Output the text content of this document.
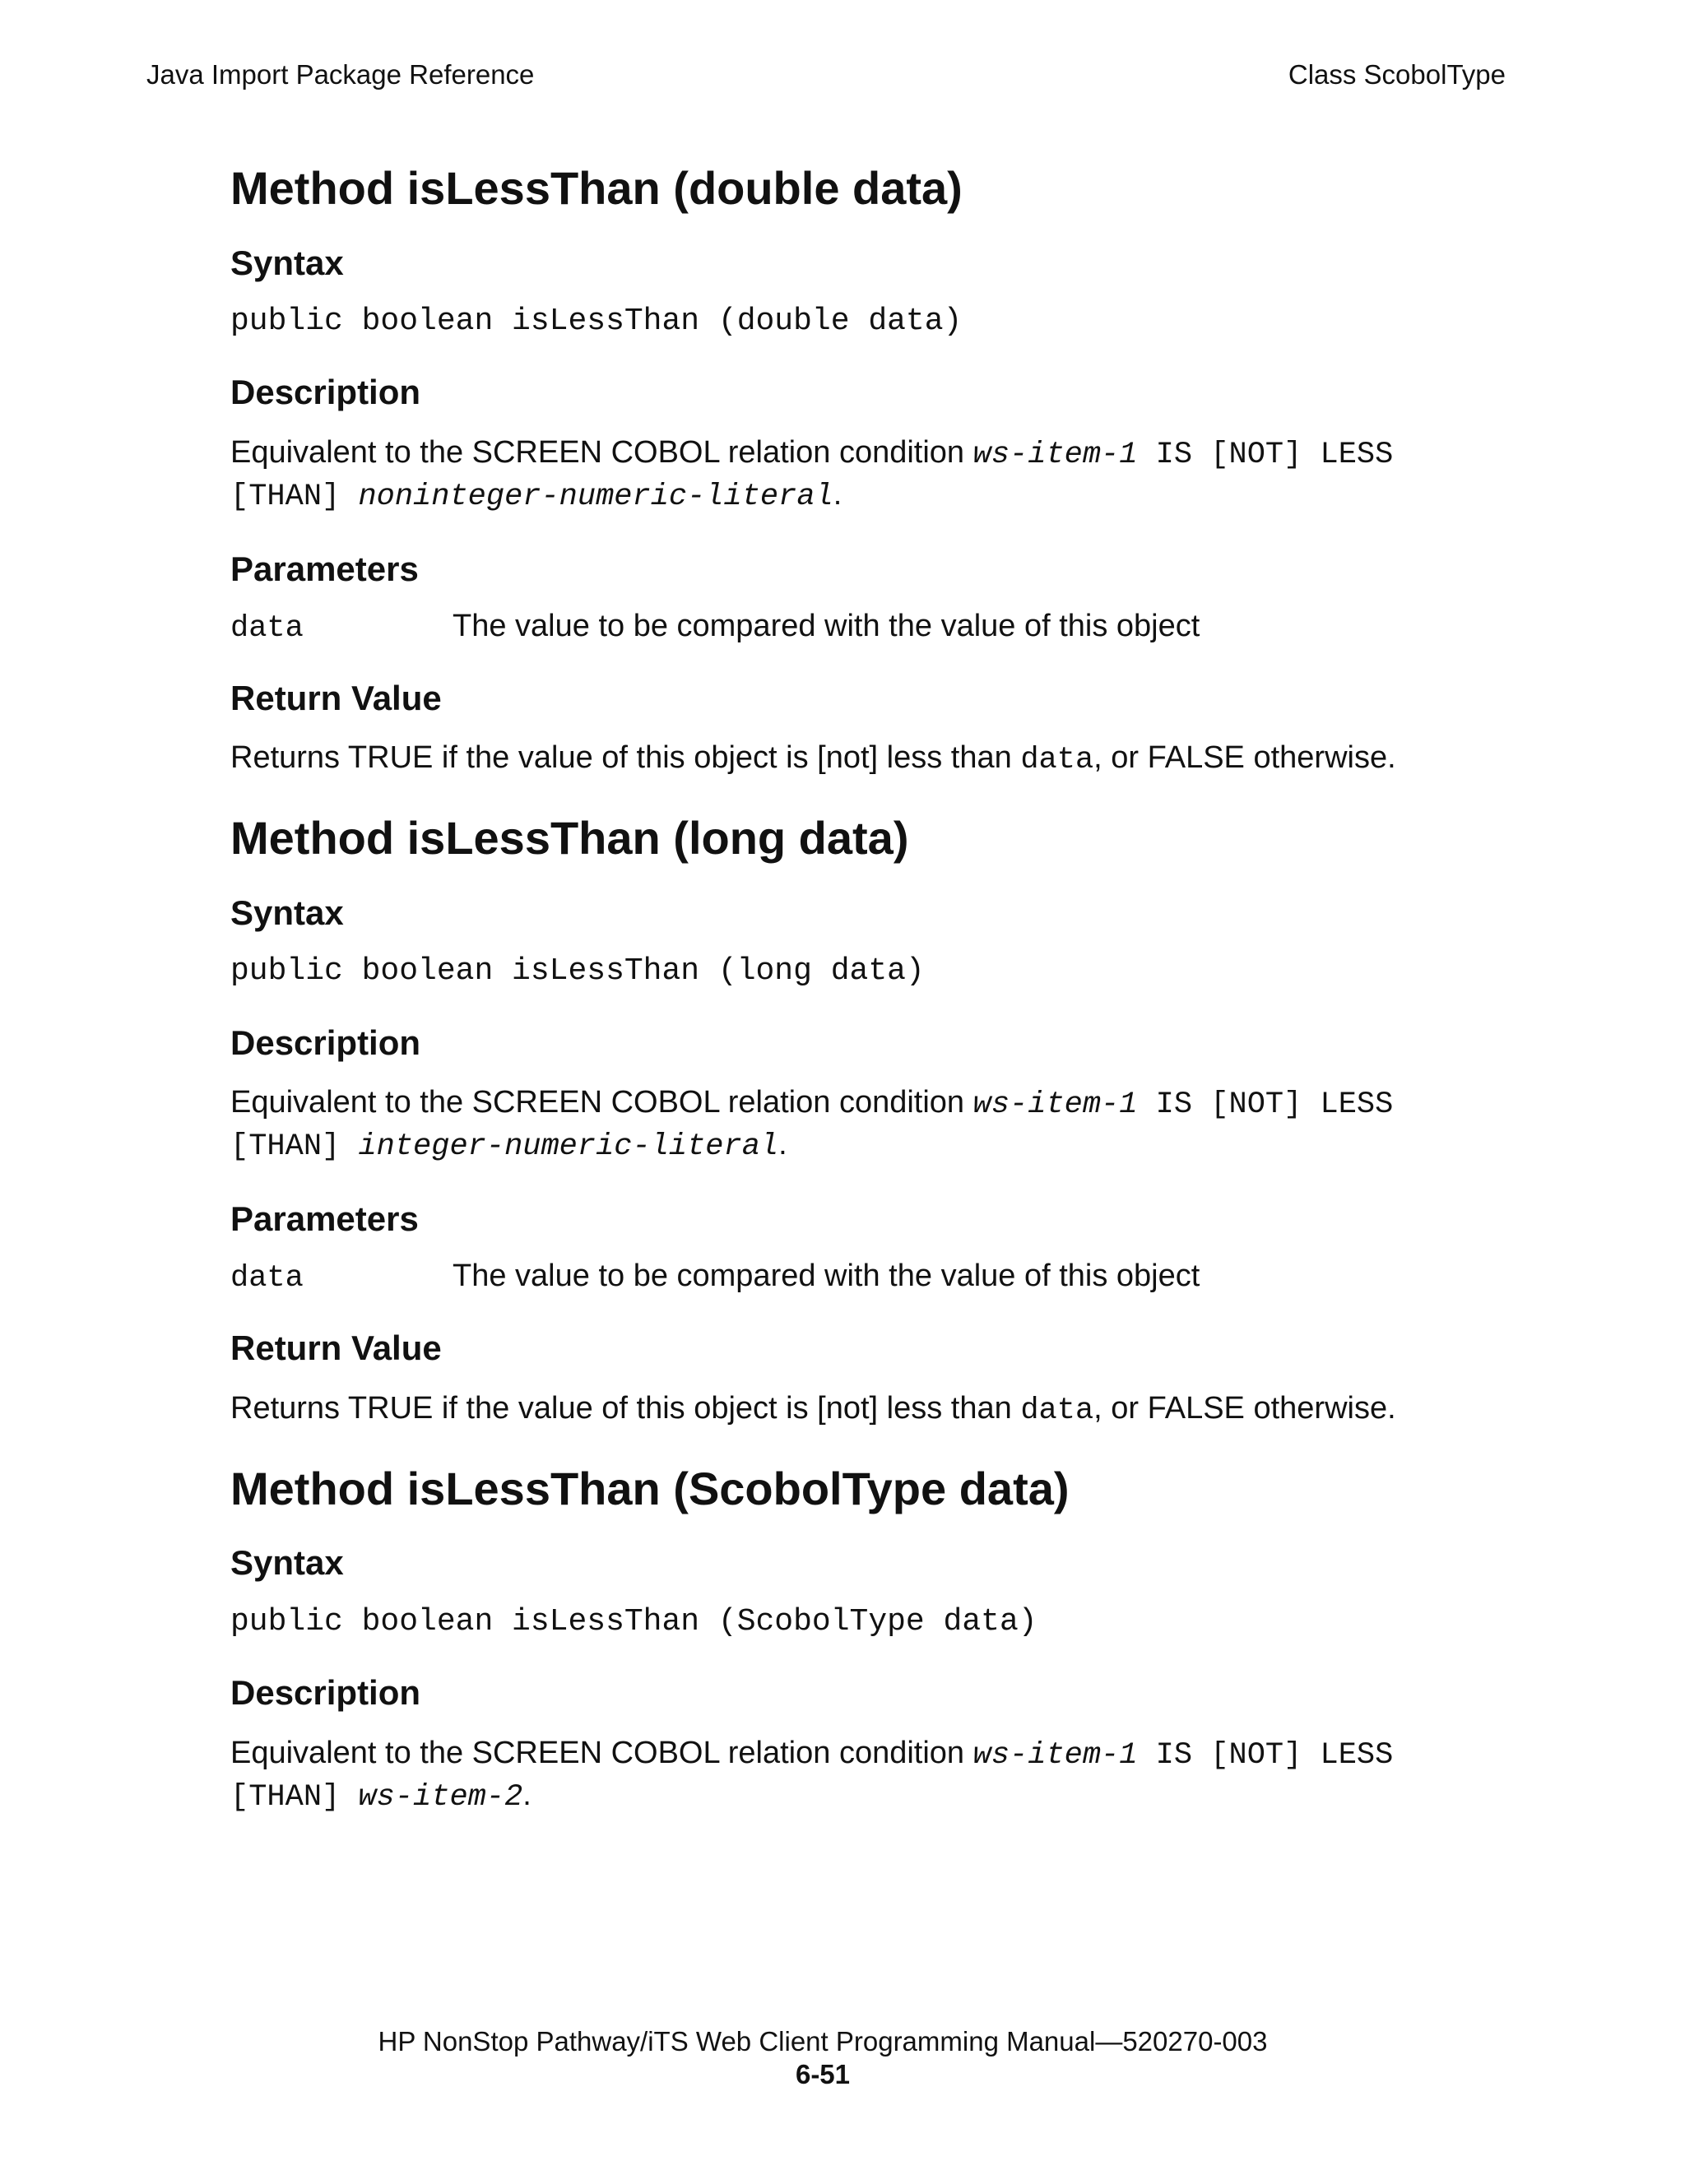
Java Import Package Reference	Class ScobolType
Method isLessThan (double data)
Syntax
public boolean isLessThan (double data)
Description

Equivalent to the SCREEN COBOL relation condition ws-item-1 IS [NOT] LESS [THAN] noninteger-numeric-literal.

Parameters
data	The value to be compared with the value of this object
Return Value

Returns TRUE if the value of this object is [not] less than data, or FALSE otherwise.

Method isLessThan (long data)
Syntax
public boolean isLessThan (long data)
Description

Equivalent to the SCREEN COBOL relation condition ws-item-1 IS [NOT] LESS [THAN] integer-numeric-literal.

Parameters
data	The value to be compared with the value of this object
Return Value

Returns TRUE if the value of this object is [not] less than data, or FALSE otherwise.

Method isLessThan (ScobolType data)
Syntax
public boolean isLessThan (ScobolType data)
Description

Equivalent to the SCREEN COBOL relation condition ws-item-1 IS [NOT] LESS [THAN] ws-item-2.

HP NonStop Pathway/iTS Web Client Programming Manual—520270-003
6-51
